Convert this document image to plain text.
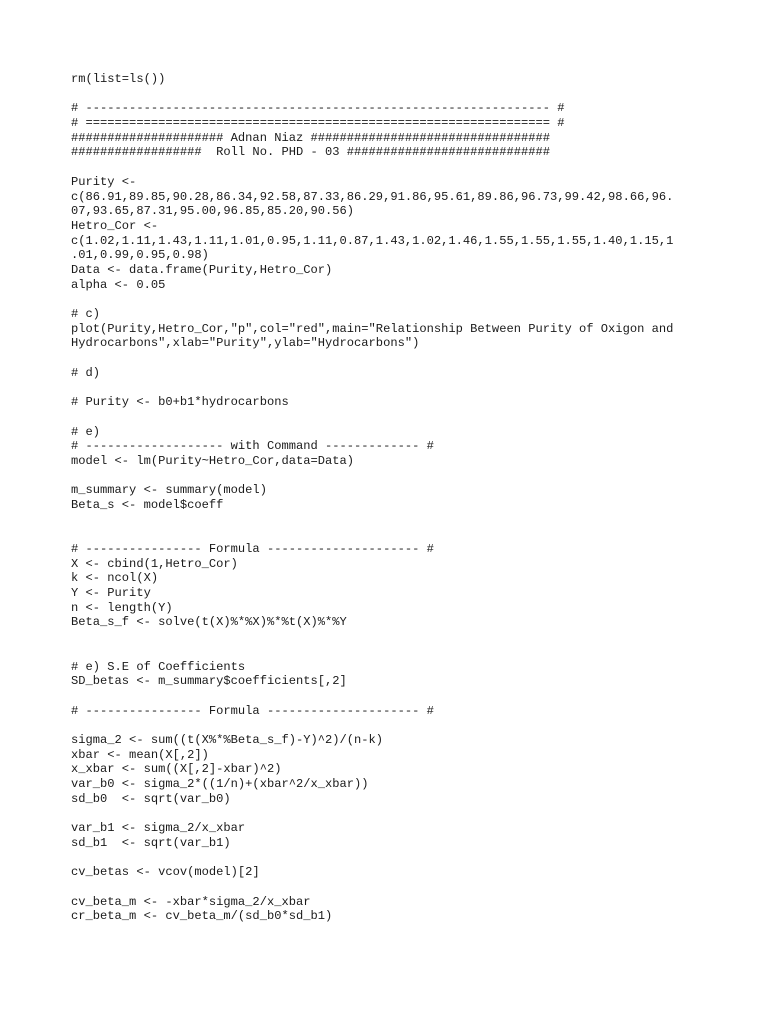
rm(list=ls())
# ---------------------------------------------------------------- #
# ================================================================ #
##################### Adnan Niaz #################################
##################  Roll No. PHD - 03 ############################
Purity <-
c(86.91,89.85,90.28,86.34,92.58,87.33,86.29,91.86,95.61,89.86,96.73,99.42,98.66,96.
07,93.65,87.31,95.00,96.85,85.20,90.56)
Hetro_Cor <-
c(1.02,1.11,1.43,1.11,1.01,0.95,1.11,0.87,1.43,1.02,1.46,1.55,1.55,1.55,1.40,1.15,1
.01,0.99,0.95,0.98)
Data <- data.frame(Purity,Hetro_Cor)
alpha <- 0.05
# c)
plot(Purity,Hetro_Cor,"p",col="red",main="Relationship Between Purity of Oxigon and
Hydrocarbons",xlab="Purity",ylab="Hydrocarbons")
# d)
# Purity <- b0+b1*hydrocarbons
# e)
# ------------------- with Command ------------- #
model <- lm(Purity~Hetro_Cor,data=Data)
m_summary <- summary(model)
Beta_s <- model$coeff
# ---------------- Formula --------------------- #
X <- cbind(1,Hetro_Cor)
k <- ncol(X)
Y <- Purity
n <- length(Y)
Beta_s_f <- solve(t(X)%*%X)%*%t(X)%*%Y
# e) S.E of Coefficients
SD_betas <- m_summary$coefficients[,2]
# ---------------- Formula --------------------- #
sigma_2 <- sum((t(X%*%Beta_s_f)-Y)^2)/(n-k)
xbar <- mean(X[,2])
x_xbar <- sum((X[,2]-xbar)^2)
var_b0 <- sigma_2*((1/n)+(xbar^2/x_xbar))
sd_b0  <- sqrt(var_b0)
var_b1 <- sigma_2/x_xbar
sd_b1  <- sqrt(var_b1)
cv_betas <- vcov(model)[2]
cv_beta_m <- -xbar*sigma_2/x_xbar
cr_beta_m <- cv_beta_m/(sd_b0*sd_b1)
